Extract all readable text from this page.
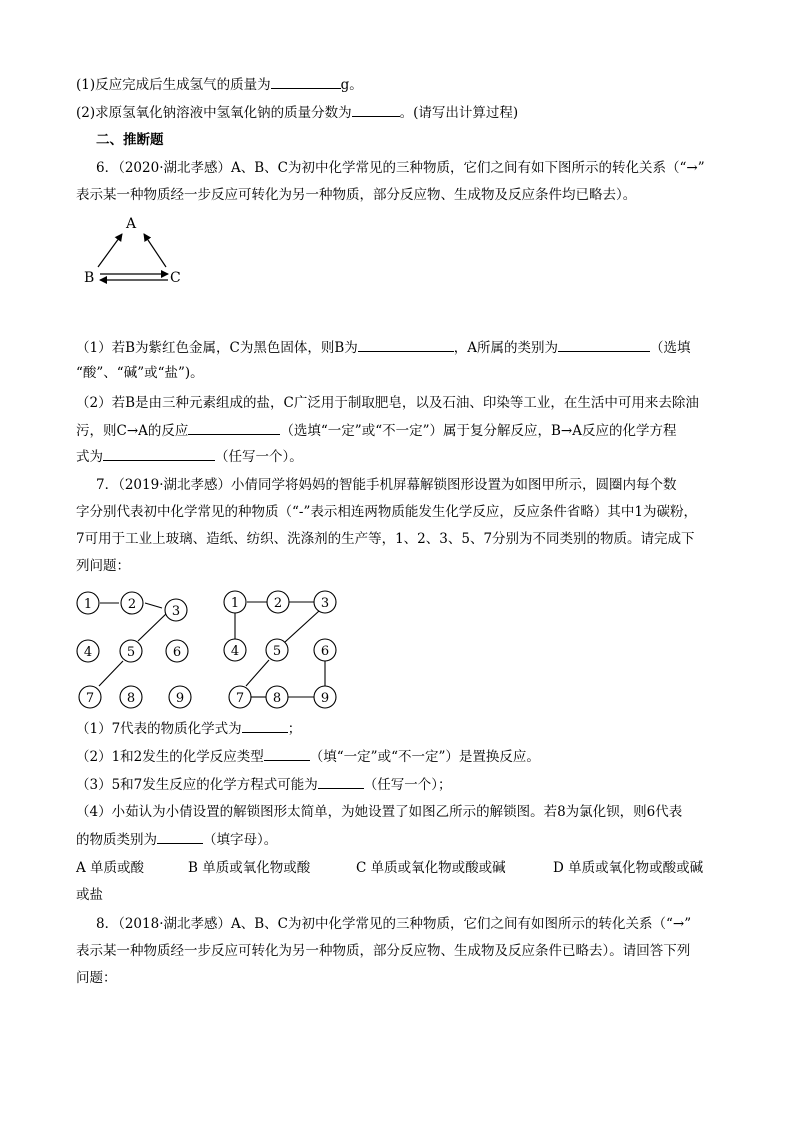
(1)反应完成后生成氢气的质量为	g。
(2)求原氢氧化钠溶液中氢氧化钠的质量分数为	。(请写出计算过程)
二、推断题
6．（2020·湖北孝感）A、B、C为初中化学常见的三种物质，它们之间有如下图所示的转化关系（“→”
表示某一种物质经一步反应可转化为另一种物质，部分反应物、生成物及反应条件均已略去）。
A
B	C
（1）若B为紫红色金属，C为黑色固体，则B为	，A所属的类别为	（选填
“酸”、“碱”或“盐”)。
（2）若B是由三种元素组成的盐，C广泛用于制取肥皂，以及石油、印染等工业，在生活中可用来去除油
污，则C→A的反应	（选填“一定”或“不一定”）属于复分解反应，B→A反应的化学方程
式为	（任写一个）。
7．（2019·湖北孝感）小倩同学将妈妈的智能手机屏幕解锁图形设置为如图甲所示，圆圈内每个数
字分别代表初中化学常见的种物质（“-”表示相连两物质能发生化学反应，反应条件省略）其中1为碳粉，
7可用于工业上玻璃、造纸、纺织、洗涤剂的生产等，1、2、3、5、7分别为不同类别的物质。请完成下
列问题：
1	2	3
4	5	6
7	8	9
1	2	3
4	5	6
7 8	9
（1）7代表的物质化学式为	；
（2）1和2发生的化学反应类型	（填“一定”或“不一定”）是置换反应。
（3）5和7发生反应的化学方程式可能为	（任写一个）；
（4）小茹认为小倩设置的解锁图形太简单，为她设置了如图乙所示的解锁图。若8为氯化钡，则6代表
的物质类别为	（填字母）。
A 单质或酸	B 单质或氧化物或酸	C 单质或氧化物或酸或碱	D 单质或氧化物或酸或碱
或盐
8．（2018·湖北孝感）A、B、C为初中化学常见的三种物质，它们之间有如图所示的转化关系（“→”
表示某一种物质经一步反应可转化为另一种物质，部分反应物、生成物及反应条件已略去）。请回答下列
问题：
